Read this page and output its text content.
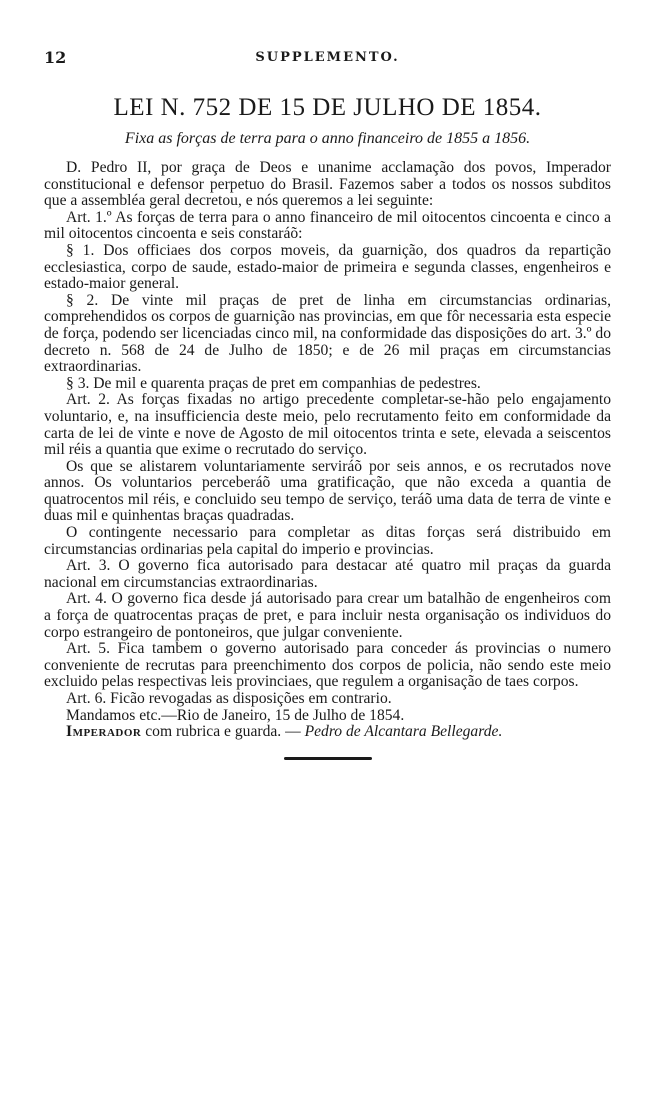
12	SUPPLEMENTO.
LEI N. 752 DE 15 DE JULHO DE 1854.
Fixa as forças de terra para o anno financeiro de 1855 a 1856.

D. Pedro II, por graça de Deos e unanime acclamação dos povos, Imperador constitucional e defensor perpetuo do Brasil. Fazemos saber a todos os nossos subditos que a assembléa geral decretou, e nós queremos a lei seguinte:

Art. 1.º As forças de terra para o anno financeiro de mil oitocentos cincoenta e cinco a mil oitocentos cincoenta e seis constaráõ:

§ 1. Dos officiaes dos corpos moveis, da guarnição, dos quadros da repartição ecclesiastica, corpo de saude, estado-maior de primeira e segunda classes, engenheiros e estado-maior general.

§ 2. De vinte mil praças de pret de linha em circumstancias ordinarias, comprehendidos os corpos de guarnição nas provincias, em que fôr necessaria esta especie de força, podendo ser licenciadas cinco mil, na conformidade das disposições do art. 3.º do decreto n. 568 de 24 de Julho de 1850; e de 26 mil praças em circumstancias extraordinarias.

§ 3. De mil e quarenta praças de pret em companhias de pedestres.

Art. 2. As forças fixadas no artigo precedente completar-se-hão pelo engajamento voluntario, e, na insufficiencia deste meio, pelo recrutamento feito em conformidade da carta de lei de vinte e nove de Agosto de mil oitocentos trinta e sete, elevada a seiscentos mil réis a quantia que exime o recrutado do serviço.

Os que se alistarem voluntariamente serviráõ por seis annos, e os recrutados nove annos. Os voluntarios perceberáõ uma gratificação, que não exceda a quantia de quatrocentos mil réis, e concluido seu tempo de serviço, teráõ uma data de terra de vinte e duas mil e quinhentas braças quadradas.

O contingente necessario para completar as ditas forças será distribuido em circumstancias ordinarias pela capital do imperio e provincias.

Art. 3. O governo fica autorisado para destacar até quatro mil praças da guarda nacional em circumstancias extraordinarias.

Art. 4. O governo fica desde já autorisado para crear um batalhão de engenheiros com a força de quatrocentas praças de pret, e para incluir nesta organisação os individuos do corpo estrangeiro de pontoneiros, que julgar conveniente.

Art. 5. Fica tambem o governo autorisado para conceder ás provincias o numero conveniente de recrutas para preenchimento dos corpos de policia, não sendo este meio excluido pelas respectivas leis provinciaes, que regulem a organisação de taes corpos.

Art. 6. Ficão revogadas as disposições em contrario.

Mandamos etc.—Rio de Janeiro, 15 de Julho de 1854.

Imperador com rubrica e guarda. — Pedro de Alcantara Bellegarde.
